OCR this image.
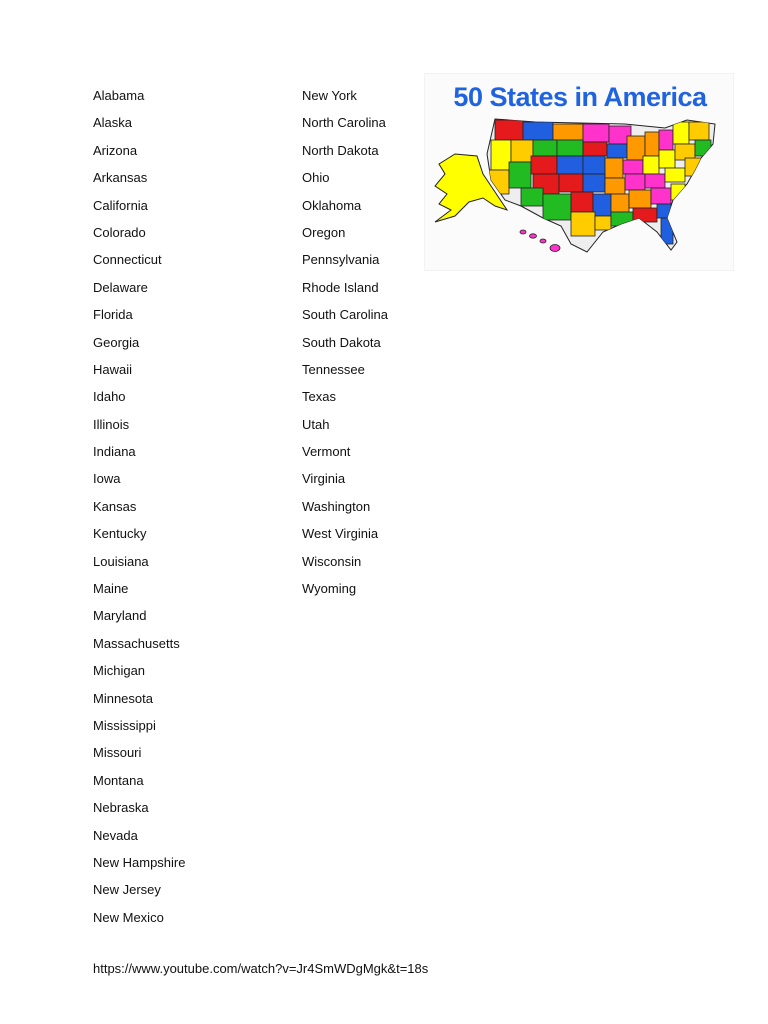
Alabama
Alaska
Arizona
Arkansas
California
Colorado
Connecticut
Delaware
Florida
Georgia
Hawaii
Idaho
Illinois
Indiana
Iowa
Kansas
Kentucky
Louisiana
Maine
Maryland
Massachusetts
Michigan
Minnesota
Mississippi
Missouri
Montana
Nebraska
Nevada
New Hampshire
New Jersey
New Mexico
New York
North Carolina
North Dakota
Ohio
Oklahoma
Oregon
Pennsylvania
Rhode Island
South Carolina
South Dakota
Tennessee
Texas
Utah
Vermont
Virginia
Washington
West Virginia
Wisconsin
Wyoming
50 States in America
https://www.youtube.com/watch?v=Jr4SmWDgMgk&t=18s
